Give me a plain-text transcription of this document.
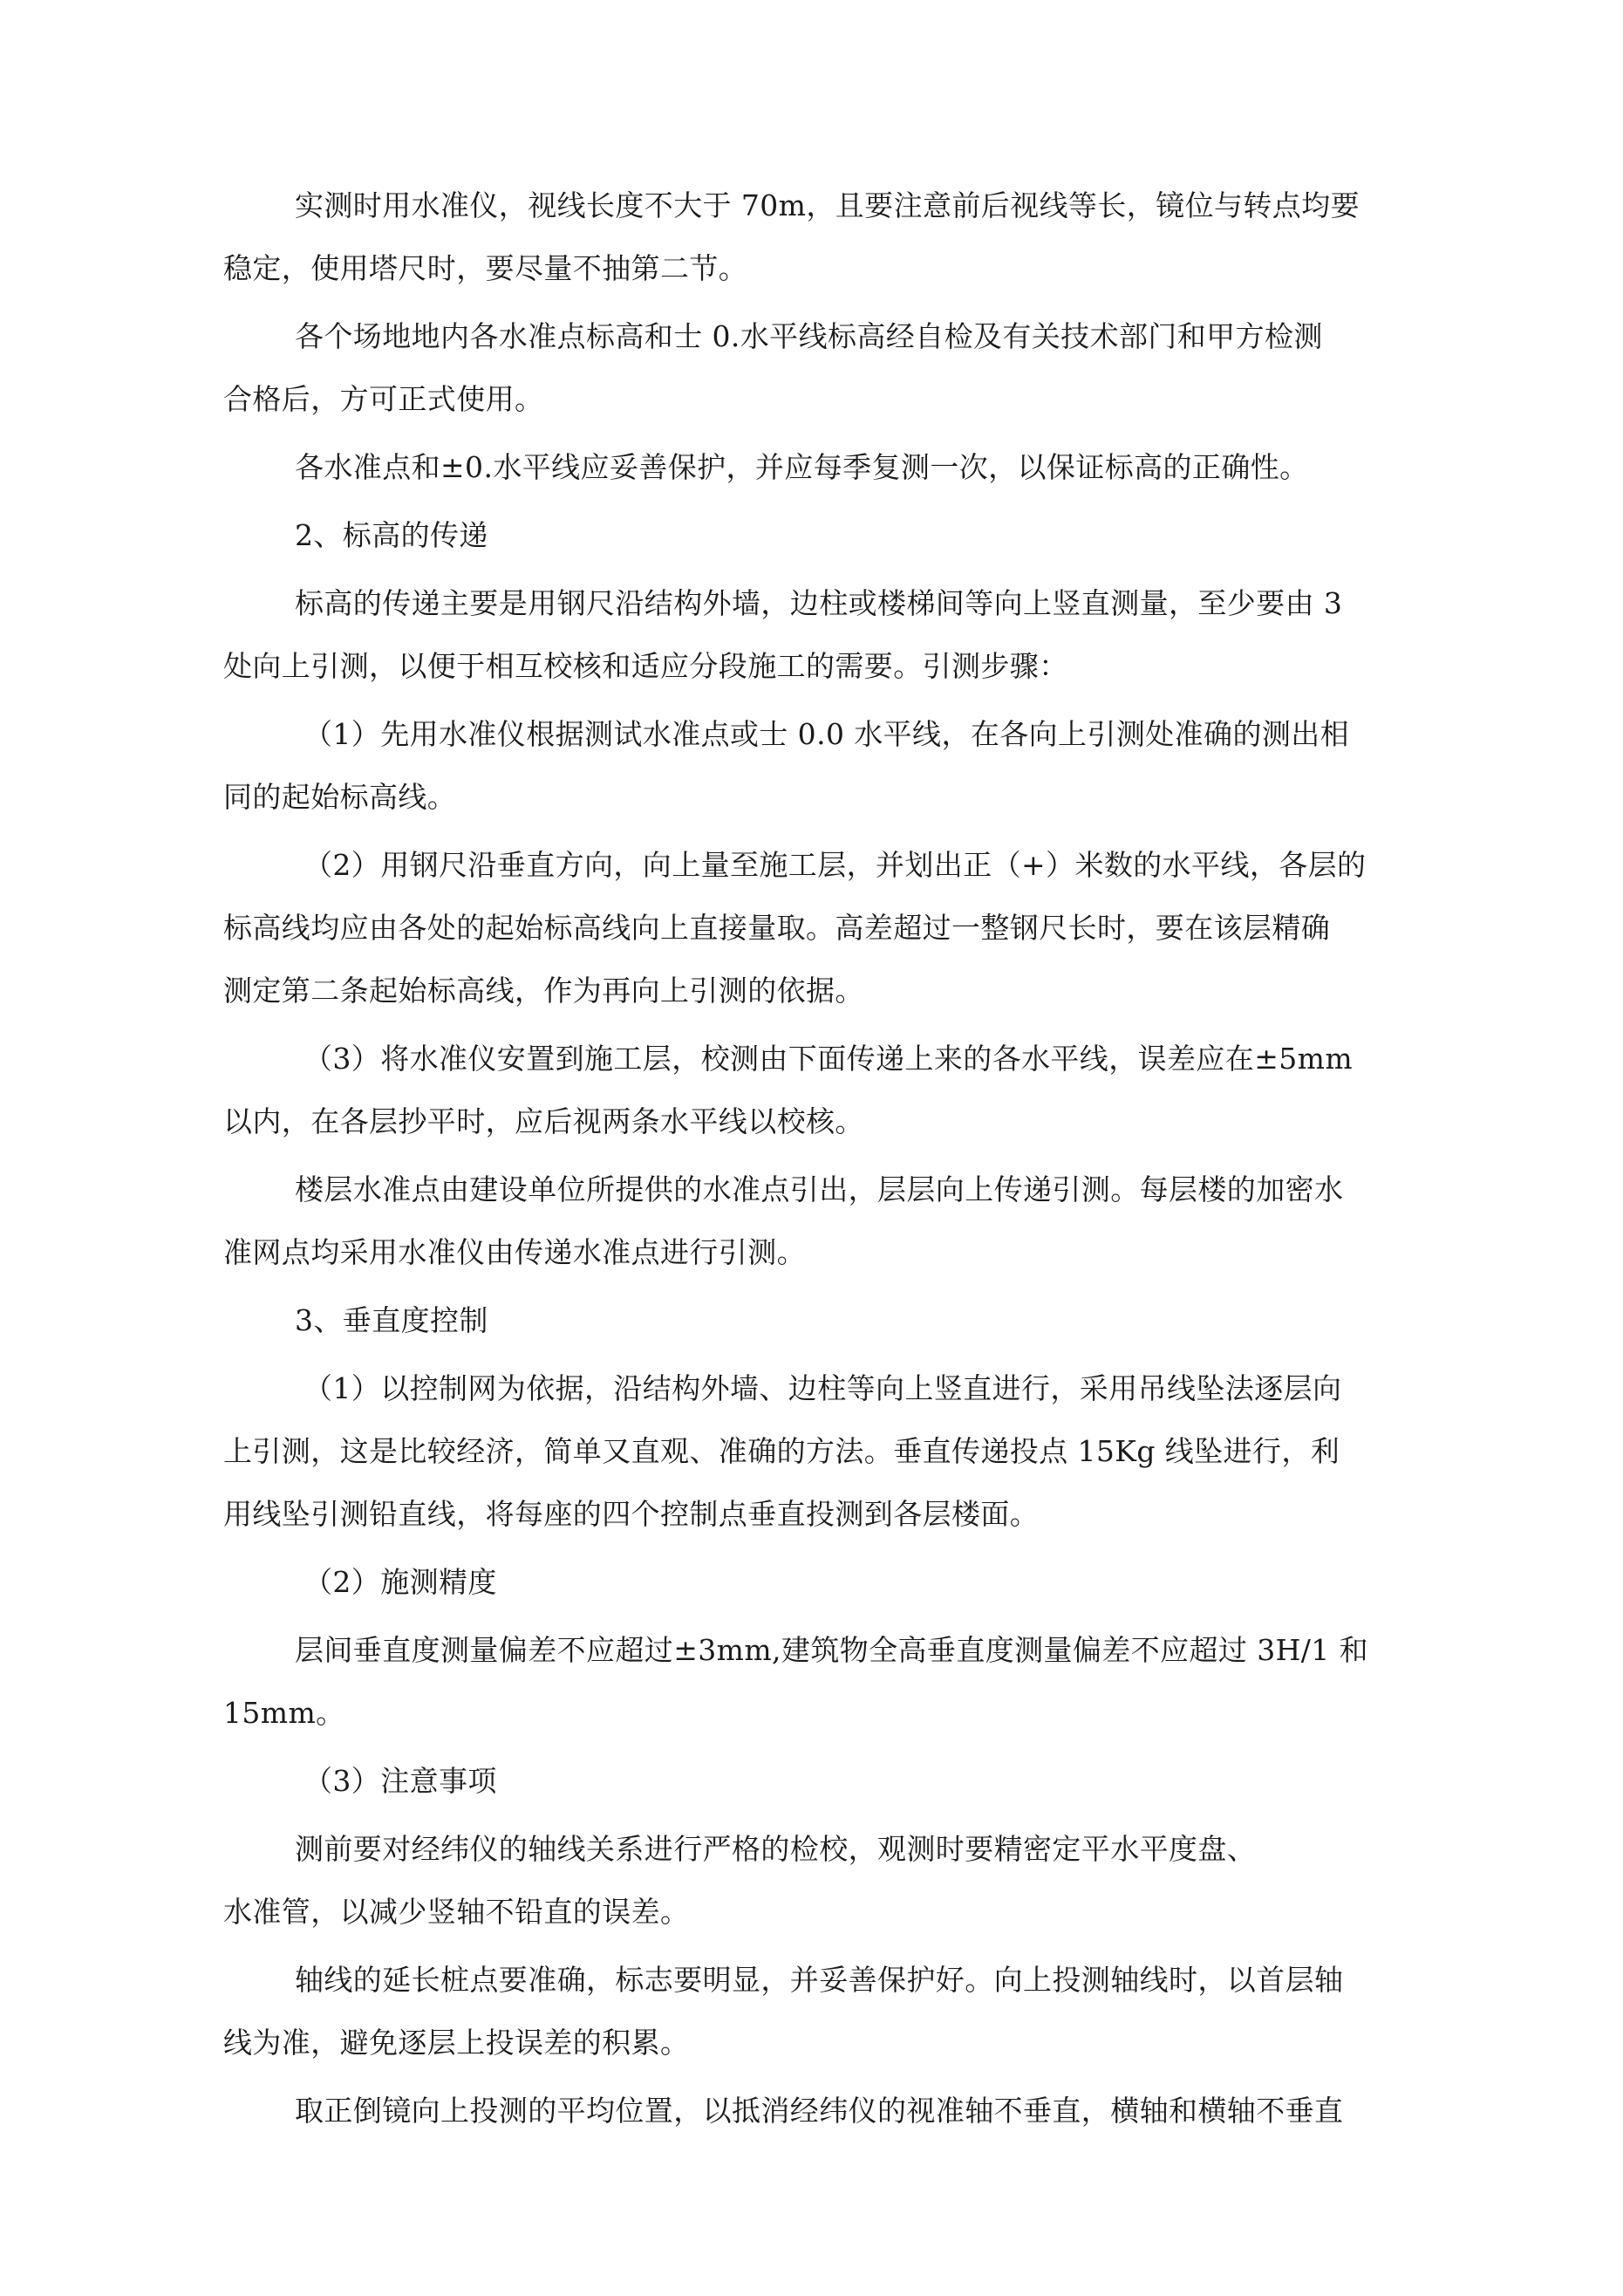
实测时用水准仪，视线长度不大于 70m，且要注意前后视线等长，镜位与转点均要
稳定，使用塔尺时，要尽量不抽第二节。
各个场地地内各水准点标高和士 0.水平线标高经自检及有关技术部门和甲方检测
合格后，方可正式使用。
各水准点和±0.水平线应妥善保护，并应每季复测一次，以保证标高的正确性。
2、标高的传递
标高的传递主要是用钢尺沿结构外墙，边柱或楼梯间等向上竖直测量，至少要由 3
处向上引测，以便于相互校核和适应分段施工的需要。引测步骤：
（1）先用水准仪根据测试水准点或士 0.0 水平线，在各向上引测处准确的测出相
同的起始标高线。
（2）用钢尺沿垂直方向，向上量至施工层，并划出正（+）米数的水平线，各层的
标高线均应由各处的起始标高线向上直接量取。高差超过一整钢尺长时，要在该层精确
测定第二条起始标高线，作为再向上引测的依据。
（3）将水准仪安置到施工层，校测由下面传递上来的各水平线，误差应在±5mm
以内，在各层抄平时，应后视两条水平线以校核。
楼层水准点由建设单位所提供的水准点引出，层层向上传递引测。每层楼的加密水
准网点均采用水准仪由传递水准点进行引测。
3、垂直度控制
（1）以控制网为依据，沿结构外墙、边柱等向上竖直进行，采用吊线坠法逐层向
上引测，这是比较经济，简单又直观、准确的方法。垂直传递投点 15Kg 线坠进行，利
用线坠引测铅直线，将每座的四个控制点垂直投测到各层楼面。
（2）施测精度
层间垂直度测量偏差不应超过±3mm,建筑物全高垂直度测量偏差不应超过 3H/1 和
15mm。
（3）注意事项
测前要对经纬仪的轴线关系进行严格的检校，观测时要精密定平水平度盘、
水准管，以减少竖轴不铅直的误差。
轴线的延长桩点要准确，标志要明显，并妥善保护好。向上投测轴线时，以首层轴
线为准，避免逐层上投误差的积累。
取正倒镜向上投测的平均位置，以抵消经纬仪的视准轴不垂直，横轴和横轴不垂直
